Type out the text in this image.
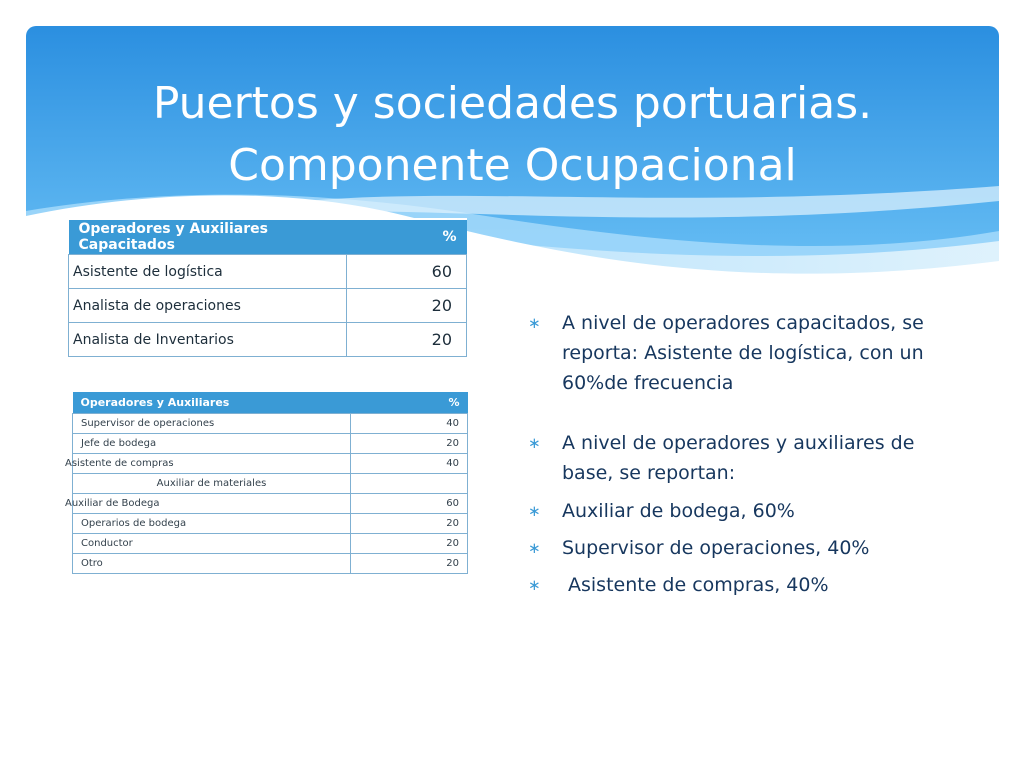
Puertos y sociedades portuarias.
Componente Ocupacional
Operadores y Auxiliares Capacitados	%
Asistente de logística	60
Analista de operaciones	20
Analista de Inventarios	20
Operadores y Auxiliares	%
Supervisor de operaciones	40
Jefe de bodega	20
Asistente de compras	40
Auxiliar de materiales	
Auxiliar de Bodega	60
Operarios de bodega	20
Conductor	20
Otro	20

∗ A nivel de operadores capacitados, se reporta: Asistente de logística, con un 60%de frecuencia

∗ A nivel de operadores y auxiliares de base, se reportan:

∗ Auxiliar de bodega, 60%

∗ Supervisor de operaciones, 40%

∗ Asistente de compras, 40%
